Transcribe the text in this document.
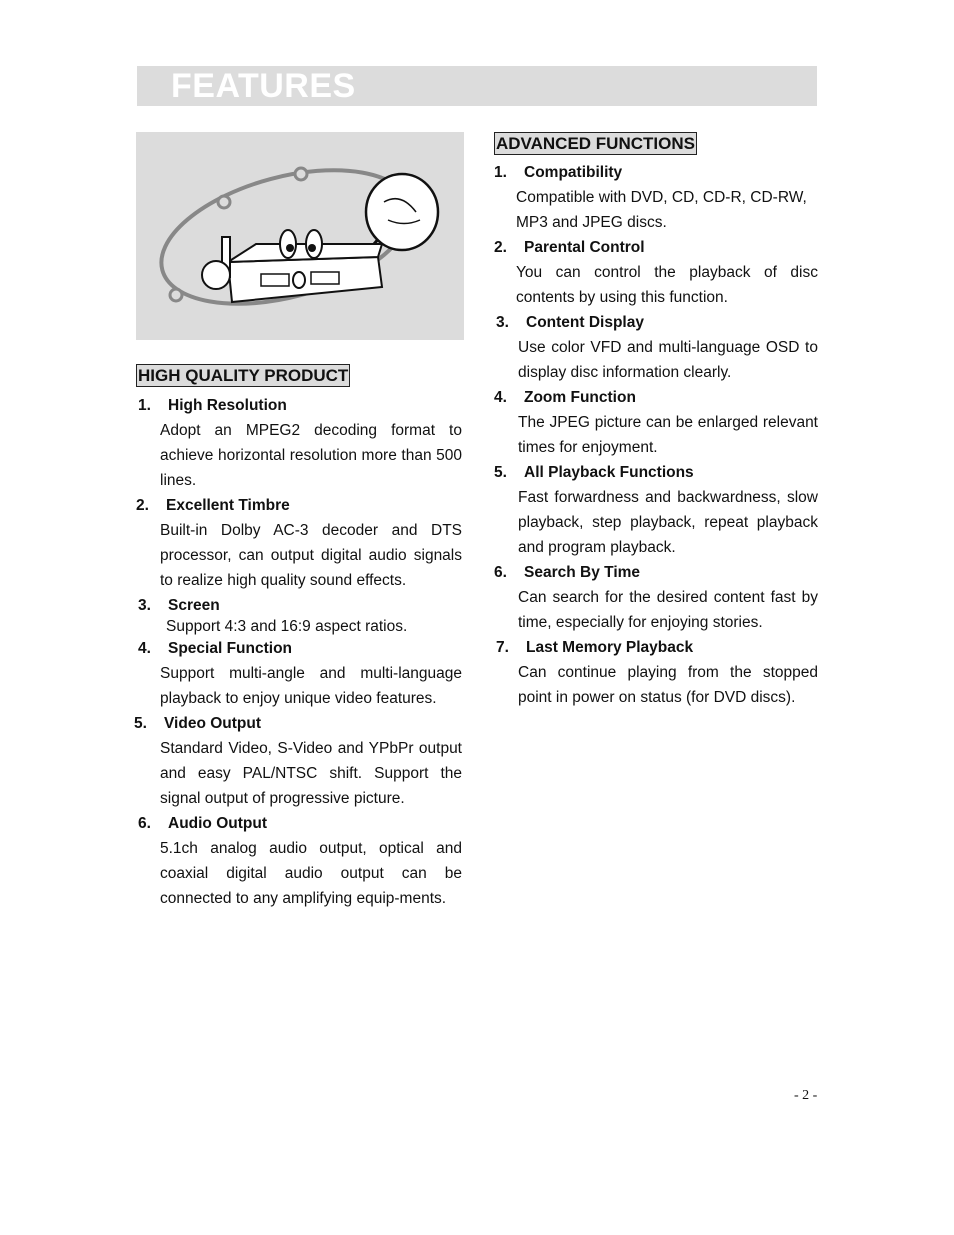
FEATURES
HIGH QUALITY PRODUCT
1.	High Resolution
Adopt an MPEG2 decoding format to achieve horizontal resolution more than 500 lines.
2.	Excellent Timbre
Built-in Dolby AC-3 decoder and DTS processor, can output digital audio signals to realize high quality sound effects.
3.	Screen
Support 4:3 and 16:9 aspect ratios.
4.	Special Function
Support multi-angle and multi-language playback to enjoy unique video features.
5.	Video Output
Standard Video, S-Video and YPbPr output and easy PAL/NTSC shift. Support the signal output of progressive picture.
6.	Audio Output
5.1ch analog audio output, optical and coaxial digital audio output can be connected to any amplifying equip-ments.
ADVANCED FUNCTIONS
1.	Compatibility
Compatible with DVD, CD, CD-R, CD-RW, MP3 and JPEG discs.
2.	Parental Control
You can control the playback of disc contents by using this function.
3.	Content Display
Use color VFD and multi-language OSD to display disc information clearly.
4.	Zoom Function
The JPEG picture can be enlarged relevant times for enjoyment.
5.	All Playback Functions
Fast forwardness and backwardness, slow playback, step playback, repeat playback and program playback.
6.	Search By Time
Can search for the desired content fast by time, especially for enjoying stories.
7.	Last Memory Playback
Can continue playing from the stopped point in power on status (for DVD discs).
- 2 -
